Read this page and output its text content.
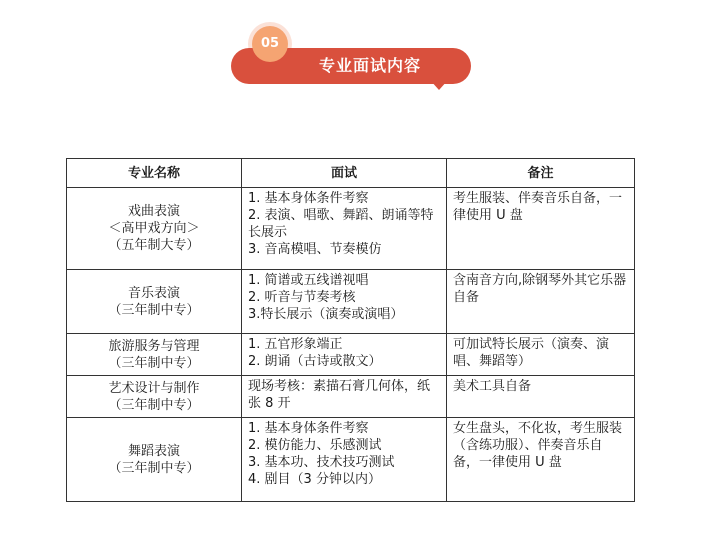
05
专业面试内容
专业名称	面试	备注

戏曲表演
＜高甲戏方向＞
（五年制大专）	1. 基本身体条件考察
2. 表演、唱歌、舞蹈、朗诵等特长展示
3. 音高模唱、节奏模仿	考生服装、伴奏音乐自备，一律使用 U 盘

音乐表演
（三年制中专）	1. 简谱或五线谱视唱
2. 听音与节奏考核
3.特长展示（演奏或演唱）	含南音方向,除钢琴外其它乐器自备

旅游服务与管理
（三年制中专）	1. 五官形象端正
2. 朗诵（古诗或散文）	可加试特长展示（演奏、演唱、舞蹈等）

艺术设计与制作
（三年制中专）	现场考核：素描石膏几何体，纸张 8 开	美术工具自备

舞蹈表演
（三年制中专）	1. 基本身体条件考察
2. 模仿能力、乐感测试
3. 基本功、技术技巧测试
4. 剧目（3 分钟以内）	女生盘头，不化妆，考生服装（含练功服）、伴奏音乐自备，一律使用 U 盘
